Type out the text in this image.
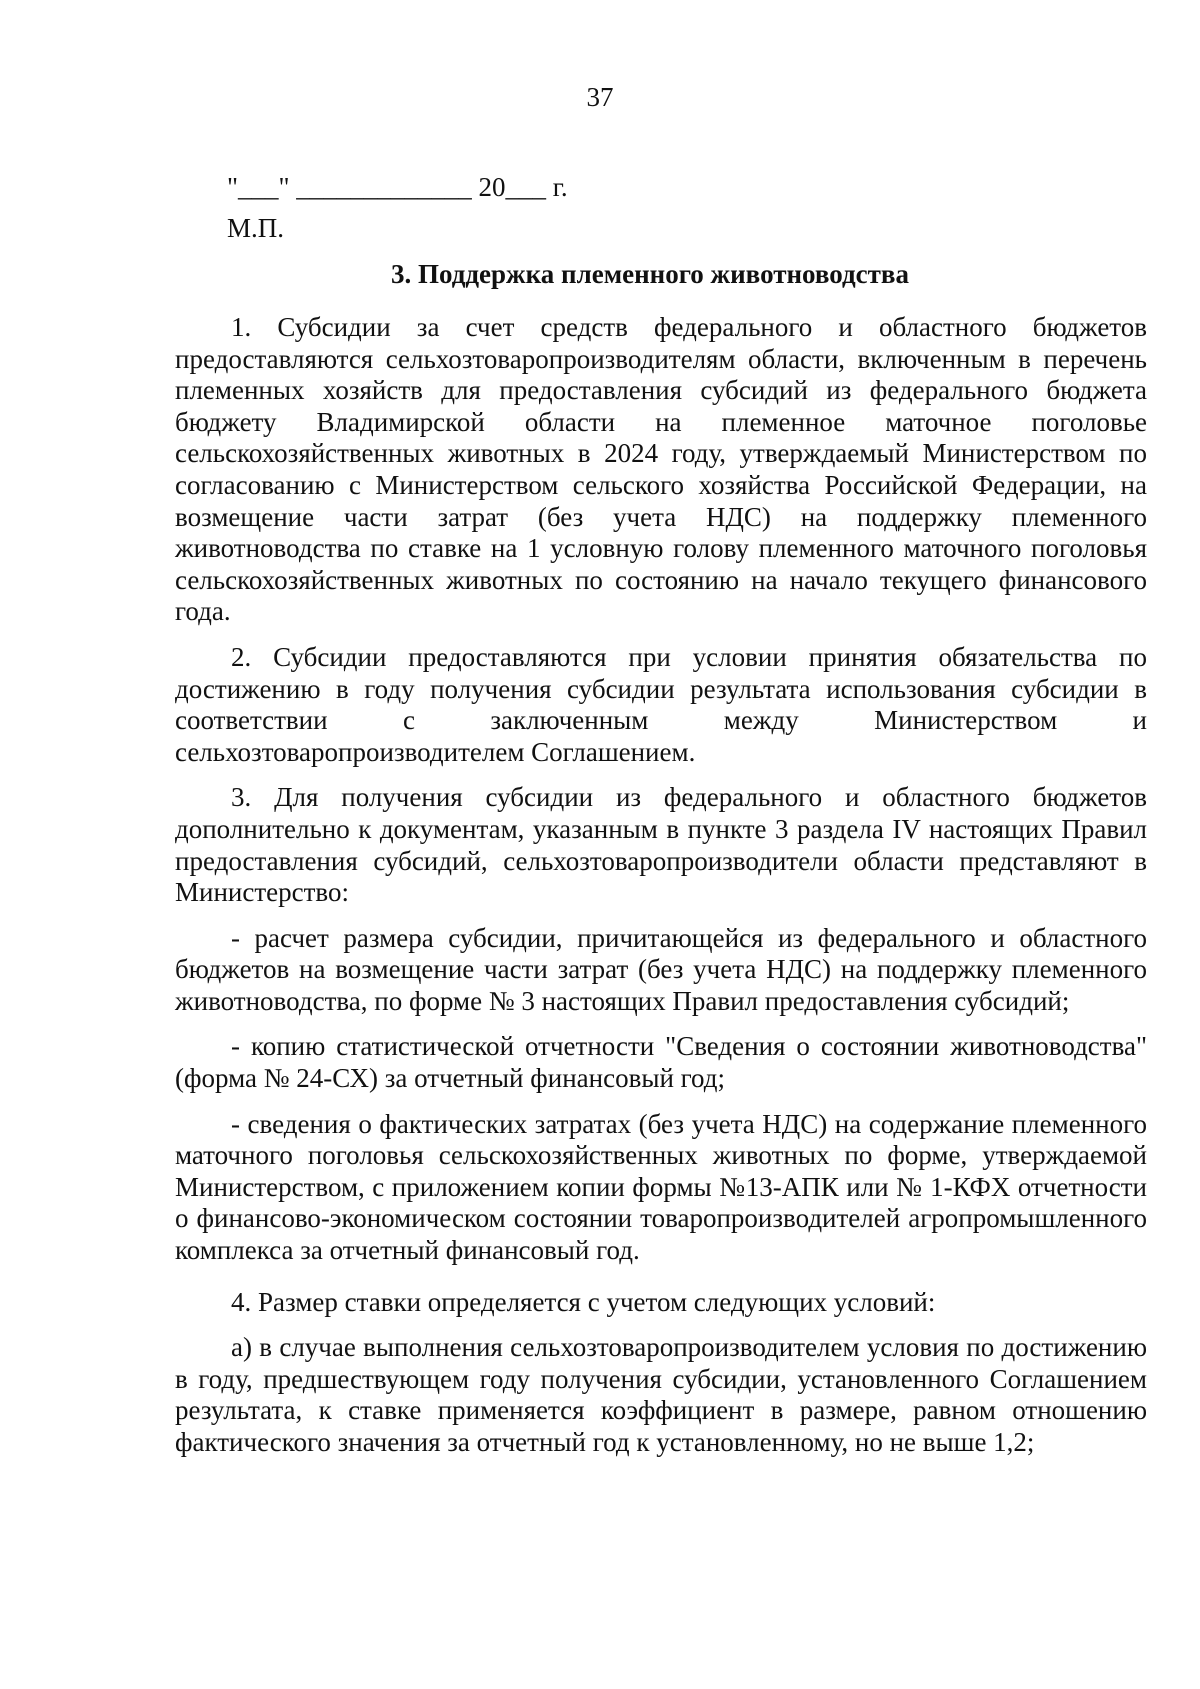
37
"___" _____________ 20___ г.
М.П.
3. Поддержка племенного животноводства

1. Субсидии за счет средств федерального и областного бюджетов предоставляются сельхозтоваропроизводителям области, включенным в перечень племенных хозяйств для предоставления субсидий из федерального бюджета бюджету Владимирской области на племенное маточное поголовье сельскохозяйственных животных в 2024 году, утверждаемый Министерством по согласованию с Министерством сельского хозяйства Российской Федерации, на возмещение части затрат (без учета НДС) на поддержку племенного животноводства по ставке на 1 условную голову племенного маточного поголовья сельскохозяйственных животных по состоянию на начало текущего финансового года.

2. Субсидии предоставляются при условии принятия обязательства по достижению в году получения субсидии результата использования субсидии в соответствии с заключенным между Министерством и сельхозтоваропроизводителем Соглашением.

3. Для получения субсидии из федерального и областного бюджетов дополнительно к документам, указанным в пункте 3 раздела IV настоящих Правил предоставления субсидий, сельхозтоваропроизводители области представляют в Министерство:

- расчет размера субсидии, причитающейся из федерального и областного бюджетов на возмещение части затрат (без учета НДС) на поддержку племенного животноводства, по форме № 3 настоящих Правил предоставления субсидий;

- копию статистической отчетности "Сведения о состоянии животноводства" (форма № 24-СХ) за отчетный финансовый год;

- сведения о фактических затратах (без учета НДС) на содержание племенного маточного поголовья сельскохозяйственных животных по форме, утверждаемой Министерством, с приложением копии формы №13-АПК или № 1-КФХ отчетности о финансово-экономическом состоянии товаропроизводителей агропромышленного комплекса за отчетный финансовый год.

4. Размер ставки определяется с учетом следующих условий:

а) в случае выполнения сельхозтоваропроизводителем условия по достижению в году, предшествующем году получения субсидии, установленного Соглашением результата, к ставке применяется коэффициент в размере, равном отношению фактического значения за отчетный год к установленному, но не выше 1,2;
